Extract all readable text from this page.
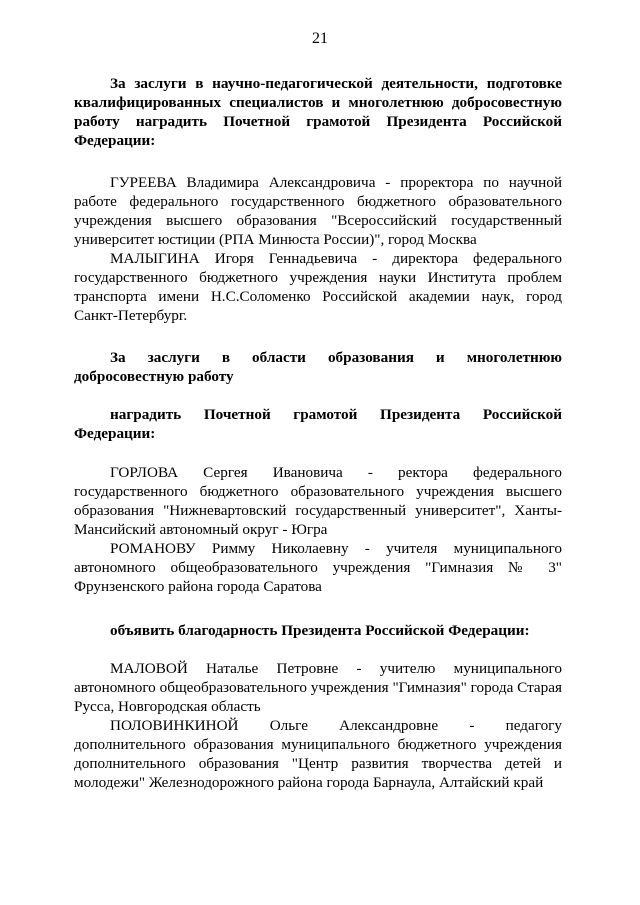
21

За заслуги в научно-педагогической деятельности, подготовке квалифицированных специалистов и многолетнюю добросовестную работу наградить Почетной грамотой Президента Российской Федерации:

ГУРЕЕВА Владимира Александровича - проректора по научной работе федерального государственного бюджетного образовательного учреждения высшего образования "Всероссийский государственный университет юстиции (РПА Минюста России)", город Москва

МАЛЫГИНА Игоря Геннадьевича - директора федерального государственного бюджетного учреждения науки Института проблем транспорта имени Н.С.Соломенко Российской академии наук, город Санкт-Петербург.

За заслуги в области образования и многолетнюю добросовестную работу

наградить Почетной грамотой Президента Российской Федерации:

ГОРЛОВА Сергея Ивановича - ректора федерального государственного бюджетного образовательного учреждения высшего образования "Нижневартовский государственный университет", Ханты-Мансийский автономный округ - Югра

РОМАНОВУ Римму Николаевну - учителя муниципального автономного общеобразовательного учреждения "Гимназия № 3" Фрунзенского района города Саратова

объявить благодарность Президента Российской Федерации:

МАЛОВОЙ Наталье Петровне - учителю муниципального автономного общеобразовательного учреждения "Гимназия" города Старая Русса, Новгородская область

ПОЛОВИНКИНОЙ Ольге Александровне - педагогу дополнительного образования муниципального бюджетного учреждения дополнительного образования "Центр развития творчества детей и молодежи" Железнодорожного района города Барнаула, Алтайский край
